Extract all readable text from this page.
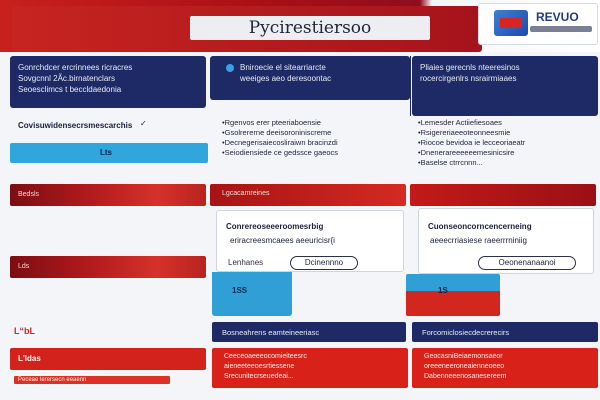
Pycirestiersoo
REVUO
Gonrchdcer ercrinnees ricracres
Sovgcnnl 2Ãc.birnatenclars
Seoesclimcs t beccldaedonia
Bniroecie el sitearriarcte
weeiges aeo deresoontac
Pliaies gerecnls nteeresinos
rocercirgenlrs nsrairmiaaes
Covisuwidensecrsmescarchis ✓
Lts
Bedsls
Lds
L“bL
L'ldas
Peceae lerersecn eeaenn
• Rgenvos erer pteeriaboensie
• Gsolrererne deeisoroniniscreme
• Decnegerisaiecosliraiwn bracinzdi
• Seiodiensiede ce gedssce gaeocs
Lgcacamreines
Conrereoseeeroomesrbig
eriracreesmcaees aeeuricisr{i
Lenhanes	Dcinennno
1SS
Bosneahrens eamteineeriasc
Ceeceoaeeeocomieiteesrc
aieneeteeoesrtiessene
Srecunitecrseuedeai...
• Lemesder Actiiefiesoaes
• Rsigereriaeeoteonneesmie
• Riocoe bevidoa ie lecceoriaeatr
• Dnenerareeeeeemesinicsire
• Baselse ctrrcnnn...
Cuonseoncorncencerneing
aeeecrriasiese raeerrrniniig
Oeonenanaanoi
1S
Forcomiclosiecdecrerecirs
GeocasniBeiaemonsaeor
oreeeneeroneaienneoeeo
Dabenneeenosanesereem
